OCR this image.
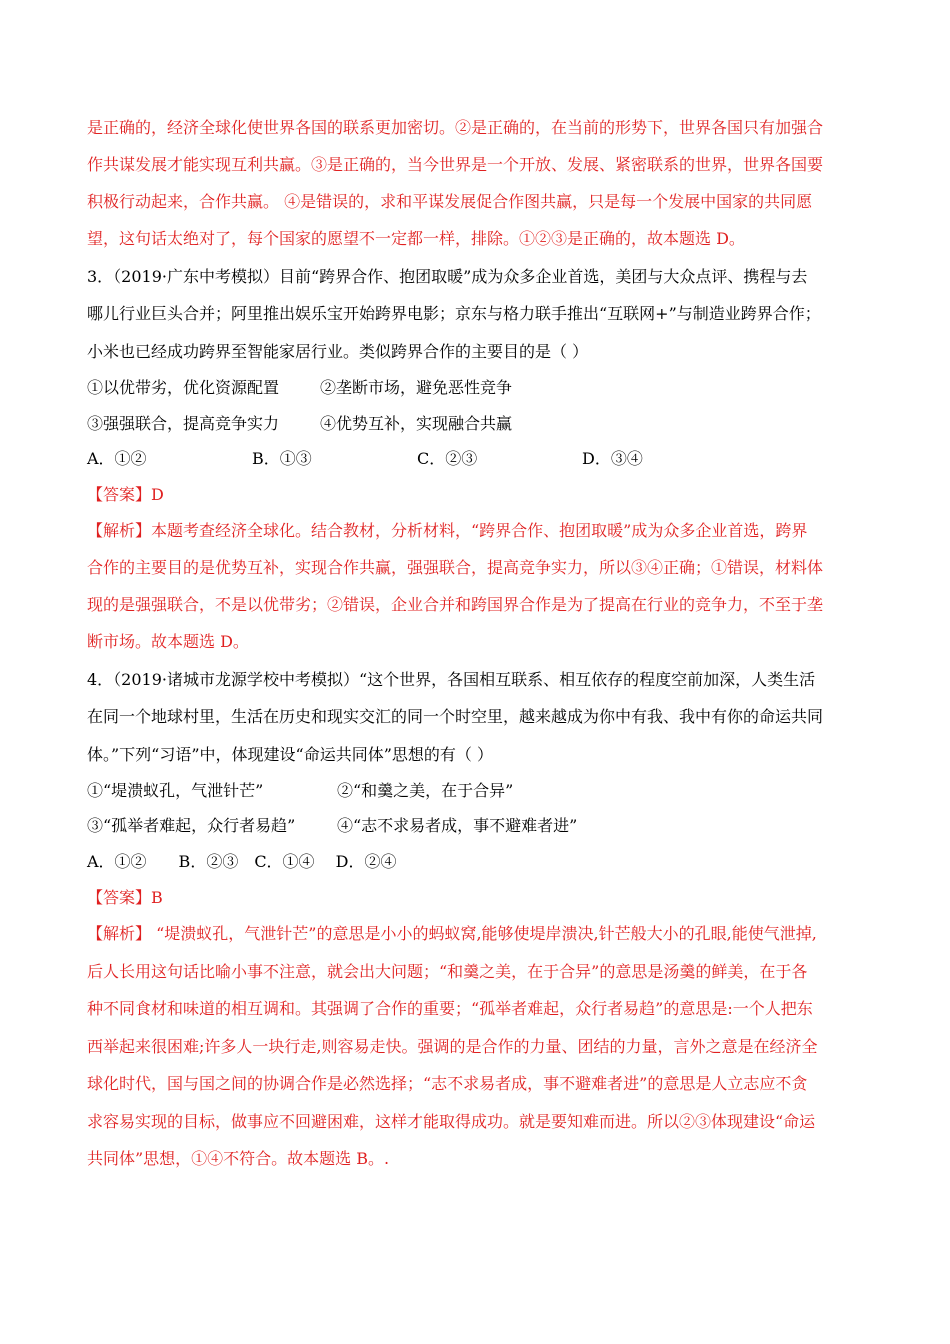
是正确的，经济全球化使世界各国的联系更加密切。②是正确的，在当前的形势下，世界各国只有加强合
作共谋发展才能实现互利共赢。③是正确的，当今世界是一个开放、发展、紧密联系的世界，世界各国要
积极行动起来，合作共赢。 ④是错误的，求和平谋发展促合作图共赢，只是每一个发展中国家的共同愿
望，这句话太绝对了，每个国家的愿望不一定都一样，排除。①②③是正确的，故本题选 D。
3．（2019·广东中考模拟）目前“跨界合作、抱团取暖”成为众多企业首选，美团与大众点评、携程与去
哪儿行业巨头合并；阿里推出娱乐宝开始跨界电影；京东与格力联手推出“互联网+”与制造业跨界合作；
小米也已经成功跨界至智能家居行业。类似跨界合作的主要目的是（ ）
①以优带劣，优化资源配置	②垄断市场，避免恶性竞争
③强强联合，提高竞争实力	④优势互补，实现融合共赢
A．①②	B．①③	C．②③	D．③④
【答案】D
【解析】本题考查经济全球化。结合教材，分析材料，“跨界合作、抱团取暖”成为众多企业首选，跨界
合作的主要目的是优势互补，实现合作共赢，强强联合，提高竞争实力，所以③④正确；①错误，材料体
现的是强强联合，不是以优带劣；②错误，企业合并和跨国界合作是为了提高在行业的竞争力，不至于垄
断市场。故本题选 D。
4．（2019·诸城市龙源学校中考模拟）“这个世界，各国相互联系、相互依存的程度空前加深，人类生活
在同一个地球村里，生活在历史和现实交汇的同一个时空里，越来越成为你中有我、我中有你的命运共同
体。”下列“习语”中，体现建设“命运共同体”思想的有（ ）
①“堤溃蚁孔，气泄针芒”	②“和羹之美，在于合异”
③“孤举者难起，众行者易趋”	④“志不求易者成，事不避难者进”
A．①②　　B．②③　C．①④　 D．②④
【答案】B
【解析】 “堤溃蚁孔，气泄针芒”的意思是小小的蚂蚁窝,能够使堤岸溃决,针芒般大小的孔眼,能使气泄掉,
后人长用这句话比喻小事不注意，就会出大问题；“和羹之美，在于合异”的意思是汤羹的鲜美，在于各
种不同食材和味道的相互调和。其强调了合作的重要；“孤举者难起，众行者易趋”的意思是:一个人把东
西举起来很困难;许多人一块行走,则容易走快。强调的是合作的力量、团结的力量，言外之意是在经济全
球化时代，国与国之间的协调合作是必然选择；“志不求易者成，事不避难者进”的意思是人立志应不贪
求容易实现的目标，做事应不回避困难，这样才能取得成功。就是要知难而进。所以②③体现建设“命运
共同体”思想，①④不符合。故本题选 B。.
